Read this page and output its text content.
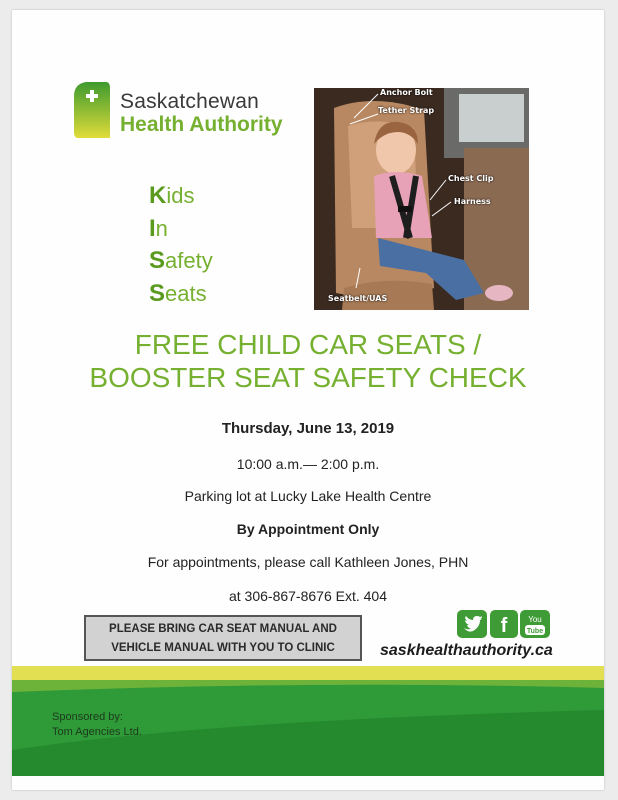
Saskatchewan
Health Authority
Kids
In
Safety
Seats
Anchor Bolt
Tether Strap
Chest Clip
Harness
Seatbelt/UAS
FREE CHILD CAR SEATS /
BOOSTER SEAT SAFETY CHECK
Thursday, June 13, 2019
10:00 a.m.— 2:00 p.m.
Parking lot at Lucky Lake Health Centre
By Appointment Only
For appointments, please call Kathleen Jones, PHN
at 306-867-8676 Ext. 404
PLEASE BRING CAR SEAT MANUAL AND
VEHICLE MANUAL WITH YOU TO CLINIC
f	You
Tube
saskhealthauthority.ca
Sponsored by:
Tom Agencies Ltd.
